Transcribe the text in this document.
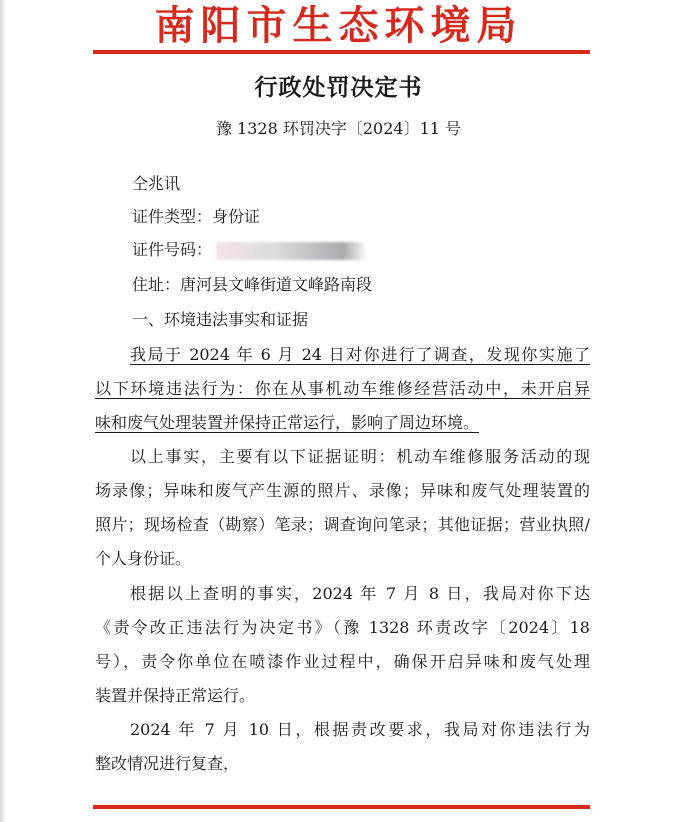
南阳市生态环境局
行政处罚决定书
豫 1328 环罚决字〔2024〕11 号
仝兆讯
证件类型：身份证
证件号码：
住址：唐河县文峰街道文峰路南段
一、环境违法事实和证据
我局于 2024 年 6 月 24 日对你进行了调查，发现你实施了
以下环境违法行为：你在从事机动车维修经营活动中，未开启异
味和废气处理装置并保持正常运行，影响了周边环境。
以上事实，主要有以下证据证明：机动车维修服务活动的现
场录像；异味和废气产生源的照片、录像；异味和废气处理装置的
照片；现场检查（勘察）笔录；调查询问笔录；其他证据；营业执照/
个人身份证。
根据以上查明的事实，2024 年 7 月 8 日，我局对你下达
《责令改正违法行为决定书》（豫 1328 环责改字〔2024〕18
号），责令你单位在喷漆作业过程中，确保开启异味和废气处理
装置并保持正常运行。
2024 年 7 月 10 日，根据责改要求，我局对你违法行为
整改情况进行复查，
